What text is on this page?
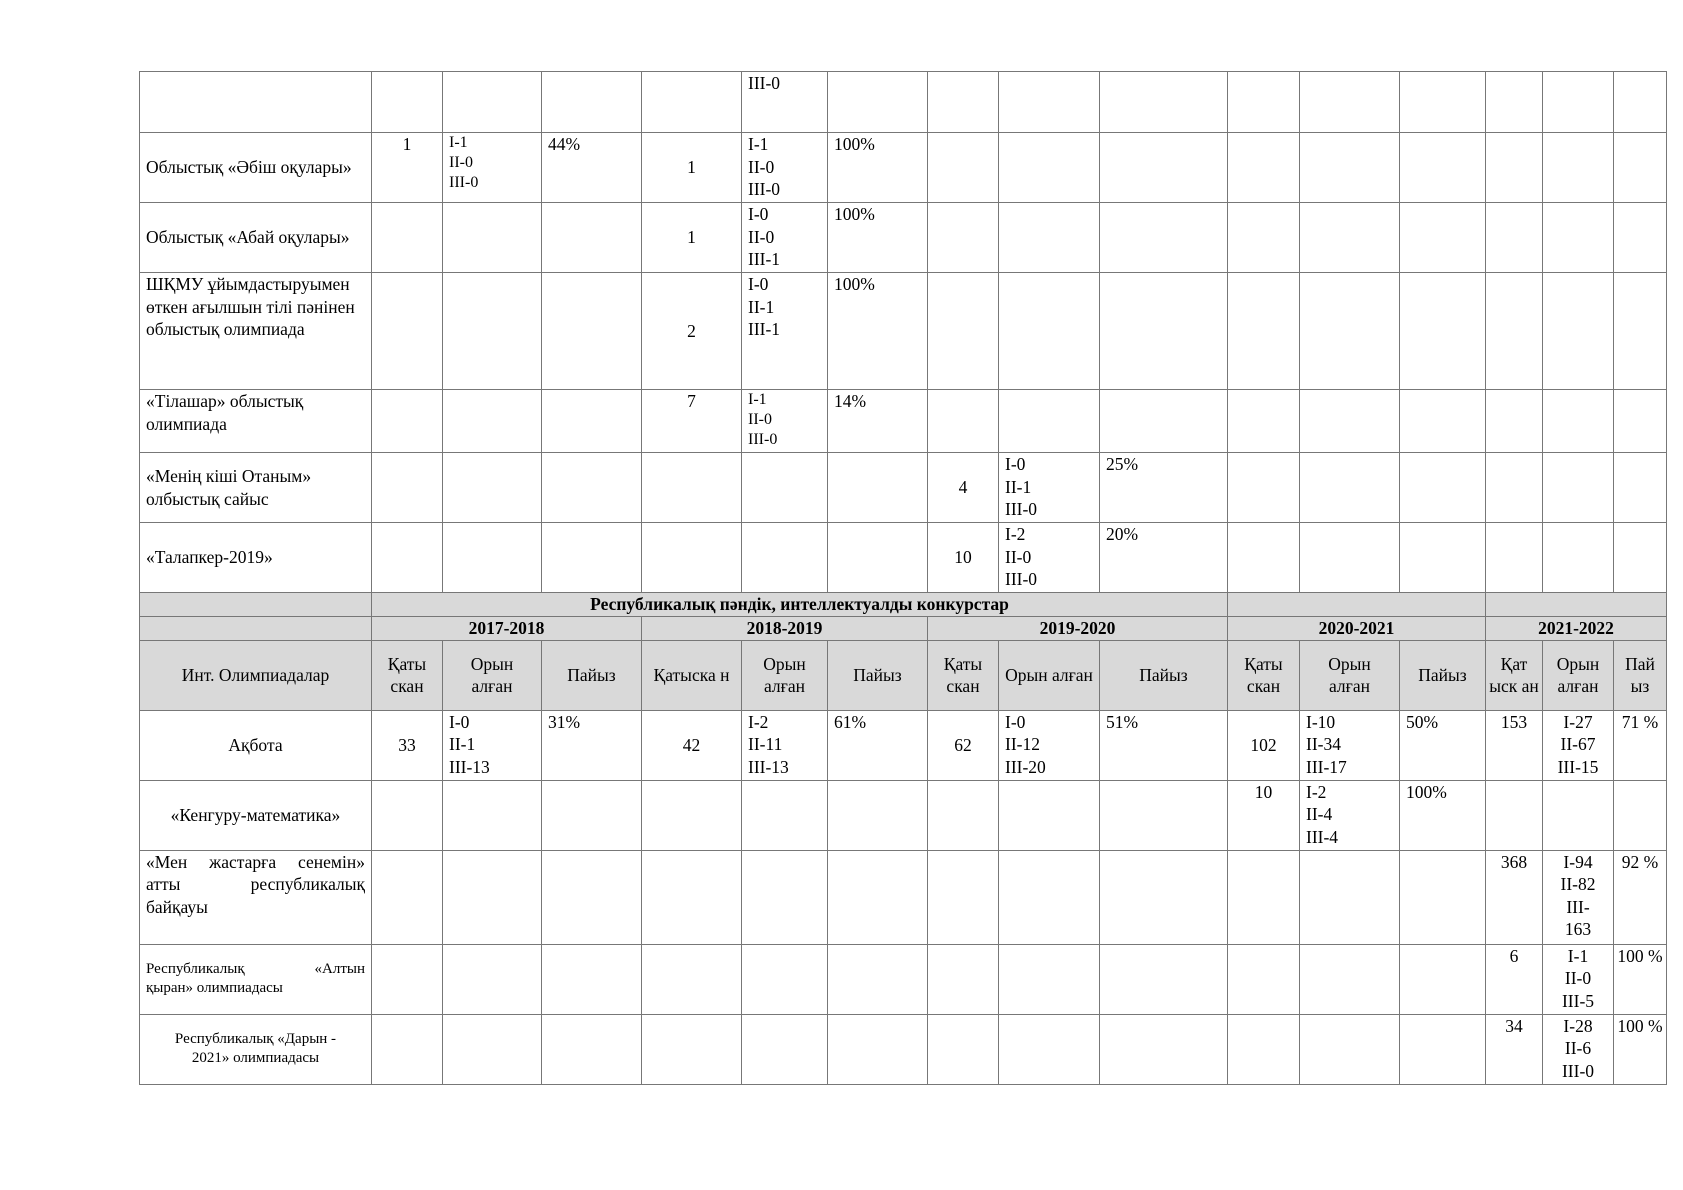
					III-0										

Облыстық «Әбіш оқулары»	1	I-1
II-0
III-0	44%	1	I-1
II-0
III-0	100%									

Облыстық «Абай оқулары»				1	I-0
II-0
III-1	100%									

ШҚМУ ұйымдастыруымен өткен ағылшын тілі пәнінен облыстық олимпиада				2	I-0
II-1
III-1	100%									

«Тілашар» облыстық олимпиада				7	I-1
II-0
III-0	14%									

«Менің кіші Отаным» олбыстық сайыс							4	I-0
II-1
III-0	25%						

«Талапкер-2019»							10	I-2
II-0
III-0	20%						
	Республикалық пәндік, интеллектуалды конкурстар														
	2017-2018			2018-2019			2019-2020			2020-2021			2021-2022		
Инт. Олимпиадалар	Қаты скан	Орын алған	Пайыз	Қатыска н	Орын алған	Пайыз	Қаты скан	Орын алған	Пайыз	Қаты скан	Орын алған	Пайыз	Қат ыск ан	Орын алған	Пай ыз
Ақбота	33	I-0
II-1
III-13	31%	42	I-2
II-11
III-13	61%	62	I-0
II-12
III-20	51%	102	I-10
II-34
III-17	50%	153	I-27
II-67
III-15	71 %
«Кенгуру-математика»										10	I-2
II-4
III-4	100%			

«Мен жастарға сенемін»
атты республикалық
байқауы													368	I-94
II-82
III-
163	92 %

Республикалық «Алтын
қыран» олимпиадасы													6	I-1
II-0
III-5	100 %

Республикалық «Дарын -
2021» олимпиадасы													34	I-28
II-6
III-0	100 %
